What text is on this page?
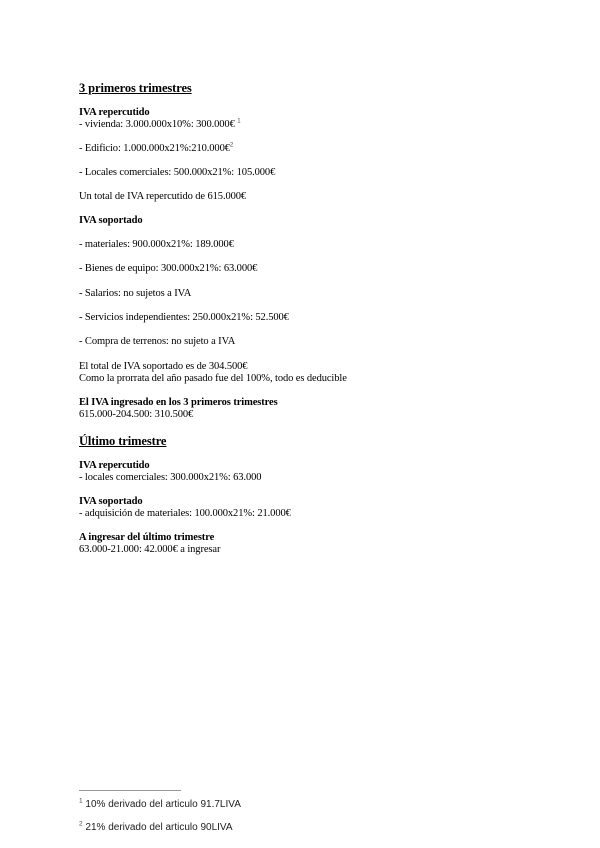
3 primeros trimestres
IVA repercutido
- vivienda: 3.000.000x10%: 300.000€ $^1$
- Edificio: 1.000.000x21%:210.000€$^2$
- Locales comerciales: 500.000x21%: 105.000€
Un total de IVA repercutido de 615.000€
IVA soportado
- materiales: 900.000x21%: 189.000€
- Bienes de equipo: 300.000x21%: 63.000€
- Salarios: no sujetos a IVA
- Servicios independientes: 250.000x21%: 52.500€
- Compra de terrenos: no sujeto a IVA
El total de IVA soportado es de 304.500€
Como la prorrata del año pasado fue del 100%, todo es deducible
El IVA ingresado en los 3 primeros trimestres
615.000-204.500: 310.500€
Último trimestre
IVA repercutido
- locales comerciales: 300.000x21%: 63.000
IVA soportado
- adquisición de materiales: 100.000x21%: 21.000€
A ingresar del último trimestre
63.000-21.000: 42.000€ a ingresar
$^1$ 10% derivado del articulo 91.7LIVA
$^2$ 21% derivado del articulo 90LIVA
